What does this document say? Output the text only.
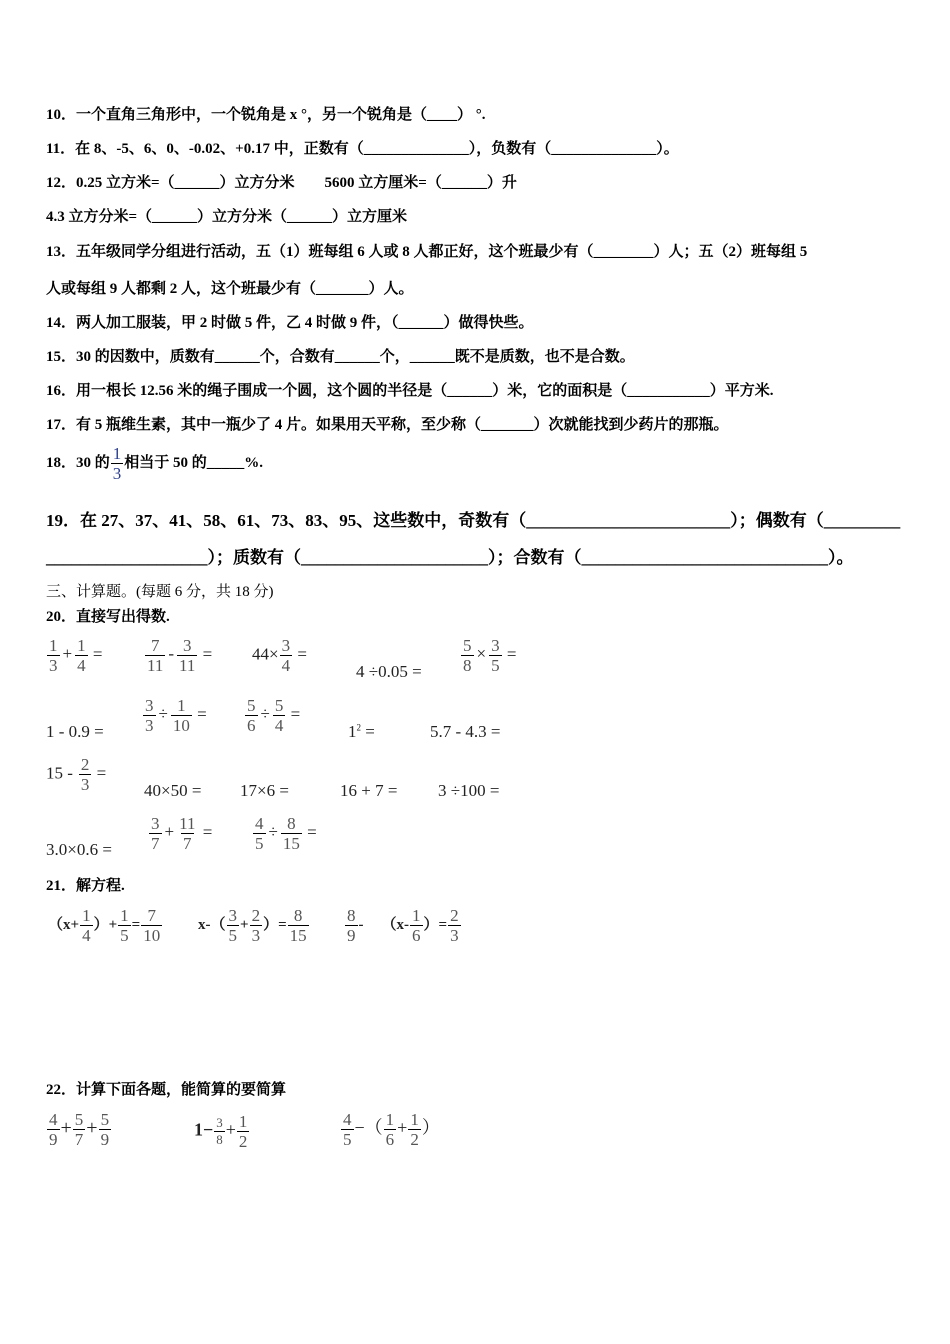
10．一个直角三角形中，一个锐角是 x °，另一个锐角是（____） °.
11．在 8、-5、6、0、-0.02、+0.17 中，正数有（______________），负数有（______________）。
12．0.25 立方米=（______）立方分米　　5600 立方厘米=（______）升
4.3 立方分米=（______）立方分米（______）立方厘米
13．五年级同学分组进行活动，五（1）班每组 6 人或 8 人都正好，这个班最少有（________）人；五（2）班每组 5
人或每组 9 人都剩 2 人，这个班最少有（_______）人。
14．两人加工服装，甲 2 时做 5 件，乙 4 时做 9 件，（______）做得快些。
15．30 的因数中，质数有______个，合数有______个，______既不是质数，也不是合数。
16．用一根长 12.56 米的绳子围成一个圆，这个圆的半径是（______）米，它的面积是（___________）平方米.
17．有 5 瓶维生素，其中一瓶少了 4 片。如果用天平称，至少称（_______）次就能找到少药片的那瓶。
18．30 的 $\frac{1}{3}$ 相当于 50 的_____%.
19．在 27、37、41、58、61、73、83、95、这些数中，奇数有（________________________）；偶数有（_________
___________________）；质数有（______________________）；合数有（_____________________________）。
三、计算题。(每题 6 分，共 18 分)
20．直接写出得数.
$\frac{1}{3} + \frac{1}{4}$ =	$\frac{7}{11} - \frac{3}{11} = 44\times \frac{3}{4}$ =
$4 \div 0.05 = \frac{5}{8} \times \frac{3}{5}$ =
$1 - 0.9 = \frac{3}{3} \div \frac{1}{10} = \frac{5}{6} \div \frac{5}{4}$ =
$1^2$ =	5.7 - 4.3 =
$15 - \frac{2}{3}$ =
40×50 = 17×6 =	16 + 7 = 3 ÷100 =
$3.0\times 0.6 = \frac{3}{7} + \frac{11}{7} = \frac{4}{5} \div \frac{8}{15}$ =
21．解方程.
（$x+ \frac{1}{4}$ ）+ $\frac{1}{5} = \frac{7}{10} x-( \frac{3}{5} + \frac{2}{3}$ ）= $\frac{8}{15} \frac{8}{9} - (x- \frac{1}{6}$ ）= $\frac{2}{3}$
22．计算下面各题，能简算的要简算
$\frac{4}{9} + \frac{5}{7} + \frac{5}{9}$	$1- \frac{3}{8} + \frac{1}{2}$	$\frac{4}{5}$ −（ $\frac{1}{6} + \frac{1}{2}$ ）
